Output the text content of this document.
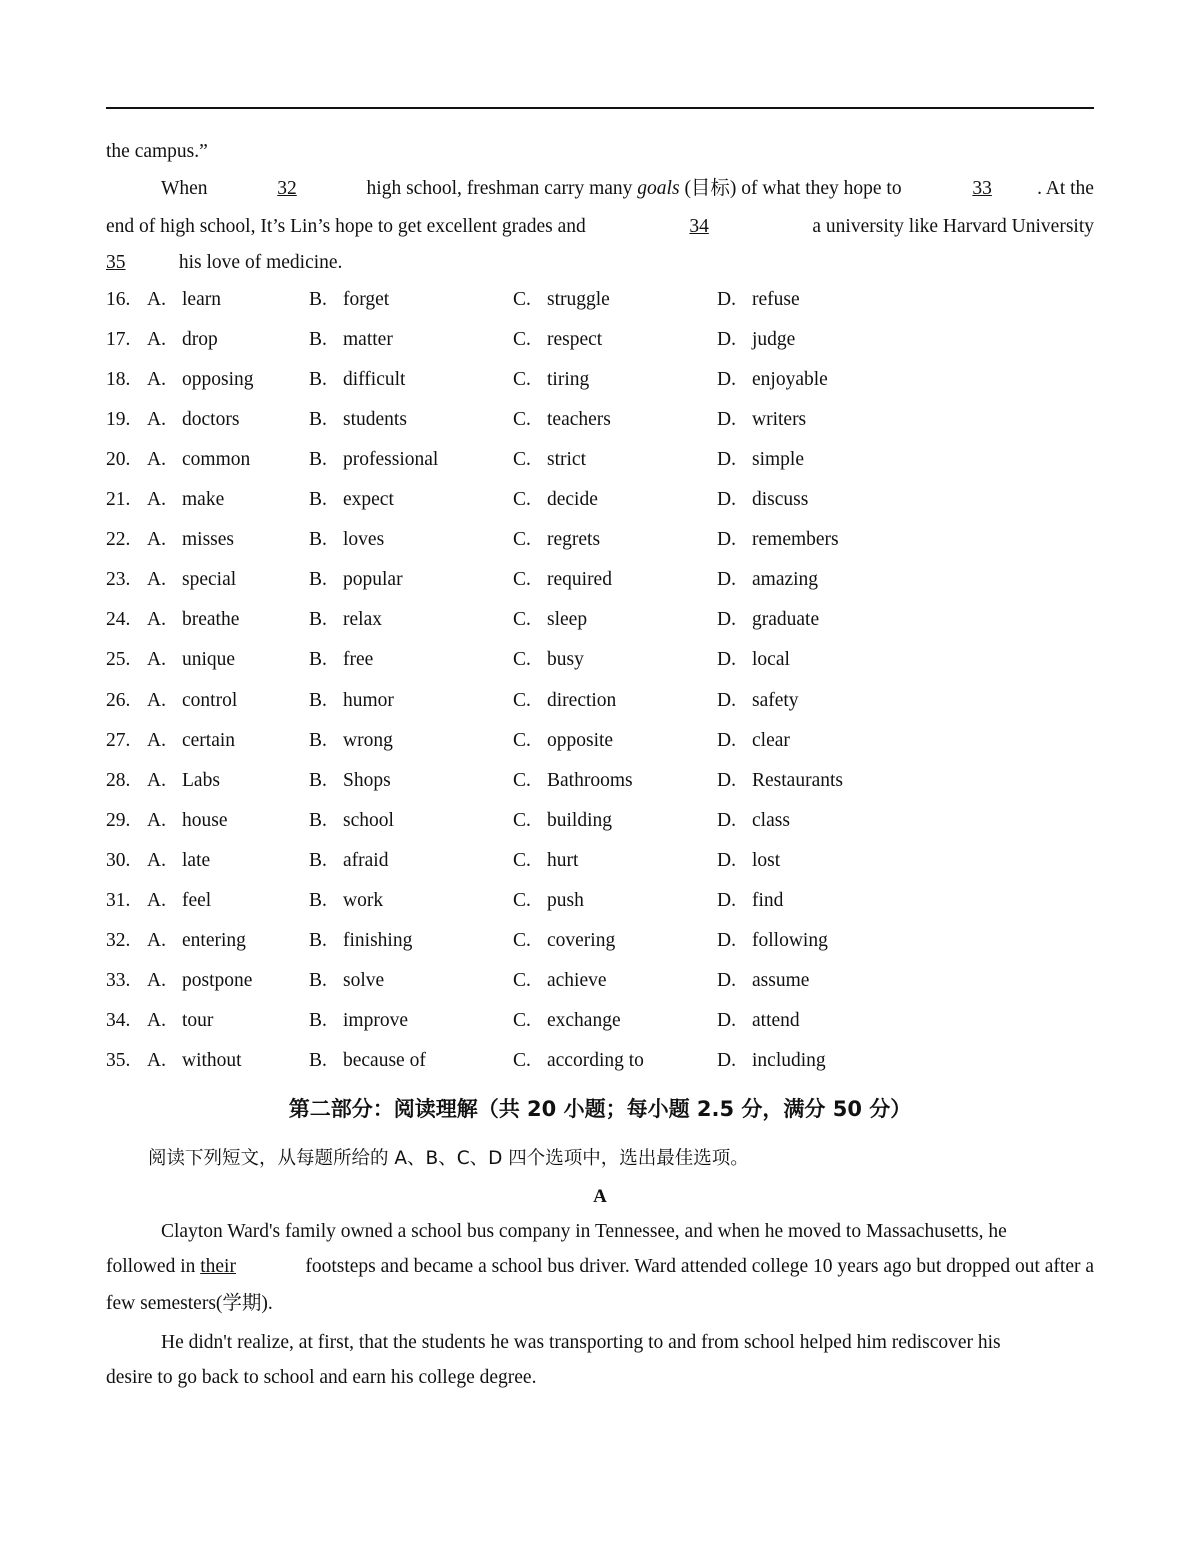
the campus.”
When	32	high school, freshman carry many goals (目标) of what they hope to	33 . At the
end of high school, It’s Lin’s hope to get excellent grades and	34	a university like Harvard University
35	his love of medicine.
16. A. learn	B. forget	C. struggle	D. refuse
17. A. drop	B. matter	C. respect	D. judge
18. A. opposing	B. difficult	C. tiring	D. enjoyable
19. A. doctors	B. students	C. teachers	D. writers
20. A. common	B. professional	C. strict	D. simple
21. A. make	B. expect	C. decide	D. discuss
22. A. misses	B. loves	C. regrets	D. remembers
23. A. special	B. popular	C. required	D. amazing
24. A. breathe	B. relax	C. sleep	D. graduate
25. A. unique	B. free	C. busy	D. local
26. A. control	B. humor	C. direction	D. safety
27. A. certain	B. wrong	C. opposite	D. clear
28. A. Labs	B. Shops	C. Bathrooms	D. Restaurants
29. A. house	B. school	C. building	D. class
30. A. late	B. afraid	C. hurt	D. lost
31. A. feel	B. work	C. push	D. find
32. A. entering	B. finishing	C. covering	D. following
33. A. postpone	B. solve	C. achieve	D. assume
34. A. tour	B. improve	C. exchange	D. attend
35. A. without	B. because of	C. according to	D. including
第二部分：阅读理解（共 20 小题；每小题 2.5 分，满分 50 分）
阅读下列短文，从每题所给的 A、B、C、D 四个选项中，选出最佳选项。
A
Clayton Ward's family owned a school bus company in Tennessee, and when he moved to Massachusetts, he
followed in their	footsteps and became a school bus driver. Ward attended college 10 years ago but dropped out after a
few semesters(学期).
He didn't realize, at first, that the students he was transporting to and from school helped him rediscover his
desire to go back to school and earn his college degree.
